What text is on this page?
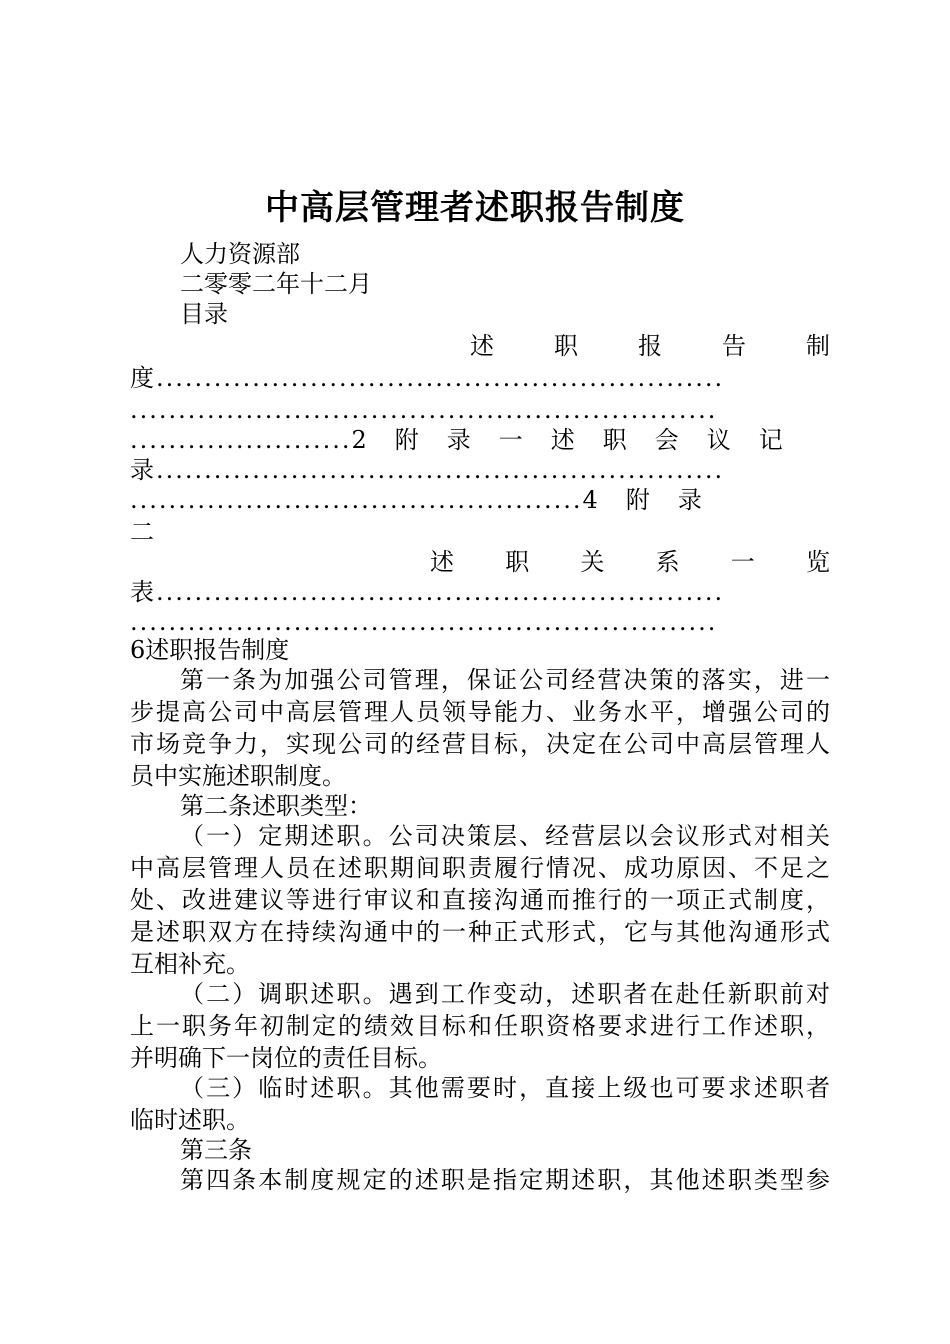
中高层管理者述职报告制度
人力资源部
二零零二年十二月
目录
述　　职　　报　　告　　制
度...........................................................
.............................................................
.......................2　附　录　一　述　职　会　议　记
录...........................................................
...............................................4　附　录
二
述　　职　　关　　系　　一　　览
表...........................................................
.............................................................
6述职报告制度
第一条为加强公司管理，保证公司经营决策的落实，进一
步提高公司中高层管理人员领导能力、业务水平，增强公司的
市场竞争力，实现公司的经营目标，决定在公司中高层管理人
员中实施述职制度。
第二条述职类型：
（一）定期述职。公司决策层、经营层以会议形式对相关
中高层管理人员在述职期间职责履行情况、成功原因、不足之
处、改进建议等进行审议和直接沟通而推行的一项正式制度，
是述职双方在持续沟通中的一种正式形式，它与其他沟通形式
互相补充。
（二）调职述职。遇到工作变动，述职者在赴任新职前对
上一职务年初制定的绩效目标和任职资格要求进行工作述职，
并明确下一岗位的责任目标。
（三）临时述职。其他需要时，直接上级也可要求述职者
临时述职。
第三条
第四条本制度规定的述职是指定期述职，其他述职类型参
